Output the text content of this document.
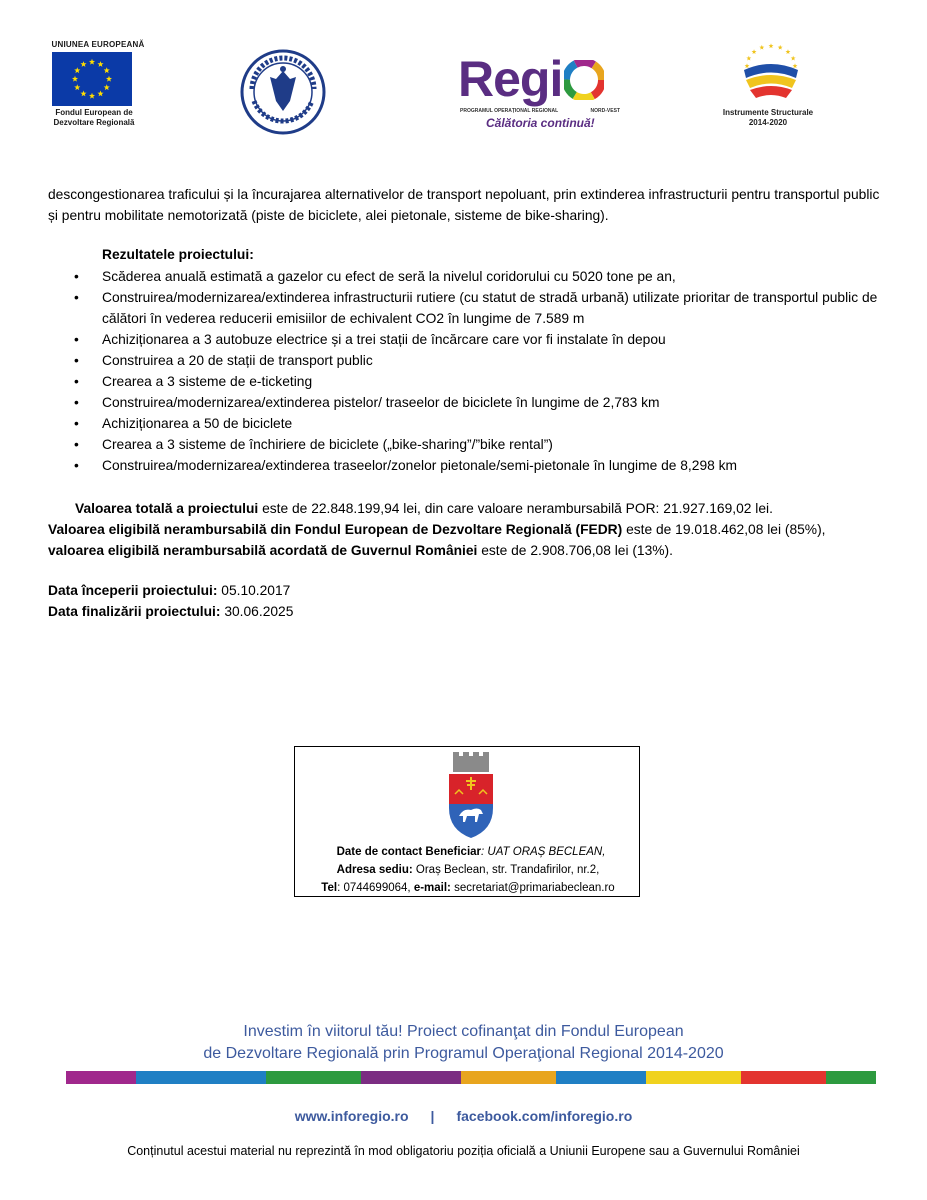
UNIUNEA EUROPEANĂ
Fondul European de
Dezvoltare Regională
Regi
PROGRAMUL OPERAȚIONAL REGIONAL	NORD-VEST
Călătoria continuă!
Instrumente Structurale
2014-2020
descongestionarea traficului și la încurajarea alternativelor de transport nepoluant, prin extinderea infrastructurii pentru transportul public și pentru mobilitate nemotorizată (piste de biciclete, alei pietonale, sisteme de bike-sharing).
Rezultatele proiectului:
• Scăderea anuală estimată a gazelor cu efect de seră la nivelul coridorului cu 5020 tone pe an,
• Construirea/modernizarea/extinderea infrastructurii rutiere (cu statut de stradă urbană) utilizate prioritar de transportul public de călători în vederea reducerii emisiilor de echivalent CO2 în lungime de 7.589 m
• Achiziționarea a 3 autobuze electrice și a trei stații de încărcare care vor fi instalate în depou
• Construirea a 20 de stații de transport public
• Crearea a 3 sisteme de e-ticketing
• Construirea/modernizarea/extinderea pistelor/ traseelor de biciclete în lungime de 2,783 km
• Achiziționarea a 50 de biciclete
• Crearea a 3 sisteme de închiriere de biciclete („bike-sharing”/”bike rental”)
• Construirea/modernizarea/extinderea traseelor/zonelor pietonale/semi-pietonale în lungime de 8,298 km
Valoarea totală a proiectului este de 22.848.199,94 lei, din care valoare nerambursabilă POR: 21.927.169,02 lei.
Valoarea eligibilă nerambursabilă din Fondul European de Dezvoltare Regională (FEDR) este de 19.018.462,08 lei (85%),
valoarea eligibilă nerambursabilă acordată de Guvernul României este de 2.908.706,08 lei (13%).
Data începerii proiectului: 05.10.2017
Data finalizării proiectului: 30.06.2025
Date de contact Beneficiar: UAT ORAȘ BECLEAN,
Adresa sediu: Oraș Beclean, str. Trandafirilor, nr.2,
Tel: 0744699064, e-mail: secretariat@primariabeclean.ro
Investim în viitorul tău! Proiect cofinanţat din Fondul European
de Dezvoltare Regională prin Programul Operaţional Regional 2014-2020
www.inforegio.ro | facebook.com/inforegio.ro
Conținutul acestui material nu reprezintă în mod obligatoriu poziția oficială a Uniunii Europene sau a Guvernului României
